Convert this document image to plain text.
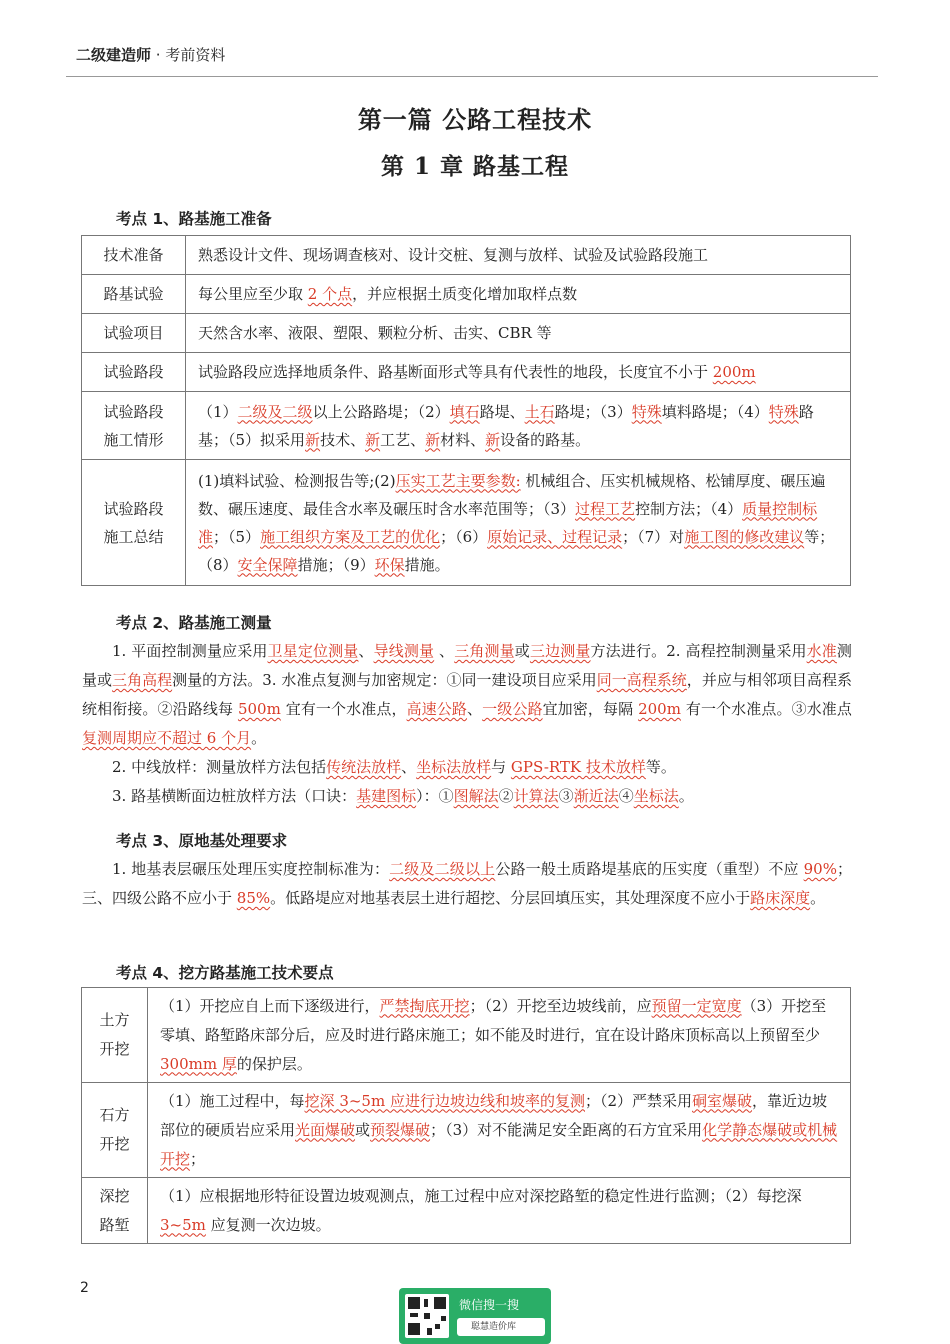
二级建造师 · 考前资料
第一篇 公路工程技术
第 1 章 路基工程
考点 1、路基施工准备
技术准备	熟悉设计文件、现场调查核对、设计交桩、复测与放样、试验及试验路段施工
路基试验	每公里应至少取 2 个点，并应根据土质变化增加取样点数
试验项目	天然含水率、液限、塑限、颗粒分析、击实、CBR 等
试验路段	试验路段应选择地质条件、路基断面形式等具有代表性的地段，长度宜不小于 200m
试验路段
施工情形	（1）二级及二级以上公路路堤；（2）填石路堤、土石路堤；（3）特殊填料路堤；（4）特殊路基；（5）拟采用新技术、新工艺、新材料、新设备的路基。
试验路段
施工总结	(1)填料试验、检测报告等;(2)压实工艺主要参数: 机械组合、压实机械规格、松铺厚度、碾压遍数、碾压速度、最佳含水率及碾压时含水率范围等；（3）过程工艺控制方法；（4）质量控制标准；（5）施工组织方案及工艺的优化；（6）原始记录、过程记录；（7）对施工图的修改建议等；（8）安全保障措施；（9）环保措施。
考点 2、路基施工测量
1. 平面控制测量应采用卫星定位测量、导线测量 、三角测量或三边测量方法进行。2. 高程控制测量采用水准测量或三角高程测量的方法。3. 水准点复测与加密规定：①同一建设项目应采用同一高程系统，并应与相邻项目高程系统相衔接。②沿路线每 500m 宜有一个水准点，高速公路、一级公路宜加密，每隔 200m 有一个水准点。③水准点复测周期应不超过 6 个月。
2. 中线放样：测量放样方法包括传统法放样、坐标法放样与 GPS-RTK 技术放样等。
3. 路基横断面边桩放样方法（口诀：基建图标）：①图解法②计算法③渐近法④坐标法。
考点 3、原地基处理要求
1. 地基表层碾压处理压实度控制标准为：二级及二级以上公路一般土质路堤基底的压实度（重型）不应 90%；三、四级公路不应小于 85%。低路堤应对地基表层土进行超挖、分层回填压实，其处理深度不应小于路床深度。
考点 4、挖方路基施工技术要点
土方
开挖	（1）开挖应自上而下逐级进行，严禁掏底开挖；（2）开挖至边坡线前，应预留一定宽度（3）开挖至零填、路堑路床部分后，应及时进行路床施工；如不能及时进行，宜在设计路床顶标高以上预留至少 300mm 厚的保护层。
石方
开挖	（1）施工过程中，每挖深 3~5m 应进行边坡边线和坡率的复测；（2）严禁采用硐室爆破，靠近边坡部位的硬质岩应采用光面爆破或预裂爆破；（3）对不能满足安全距离的石方宜采用化学静态爆破或机械开挖；
深挖
路堑	（1）应根据地形特征设置边坡观测点，施工过程中应对深挖路堑的稳定性进行监测；（2）每挖深 3~5m 应复测一次边坡。
2
微信搜一搜
聪慧造价库
